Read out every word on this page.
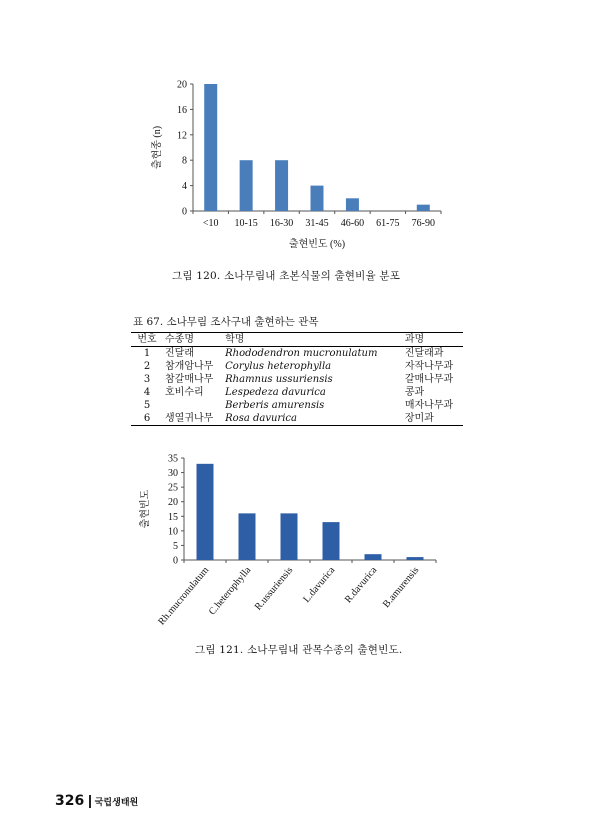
0
4
8
12
16
20
<10 10-15 16-30 31-45 46-60 61-75 76-90
출현종 (n)
출현빈도 (%)
그림 120. 소나무림내 초본식물의 출현비율 분포
표 67. 소나무림 조사구내 출현하는 관목
번호	수종명	학명	과명
1	진달래	Rhododendron mucronulatum	진달래과
2	참개암나무	Corylus heterophylla	자작나무과
3	참갈매나무	Rhamnus ussuriensis	갈매나무과
4	호비수리	Lespedeza davurica	콩과
5		Berberis amurensis	매자나무과
6	생열귀나무	Rosa davurica	장미과
0
5
10
15
20
25
30
35
Rh.mucronulatum
C.heterophylla R.ussuriensis L.davurica R.davurica B.amurensis
출현빈도
그림 121. 소나무림내 관목수종의 출현빈도.
326 국립생태원
